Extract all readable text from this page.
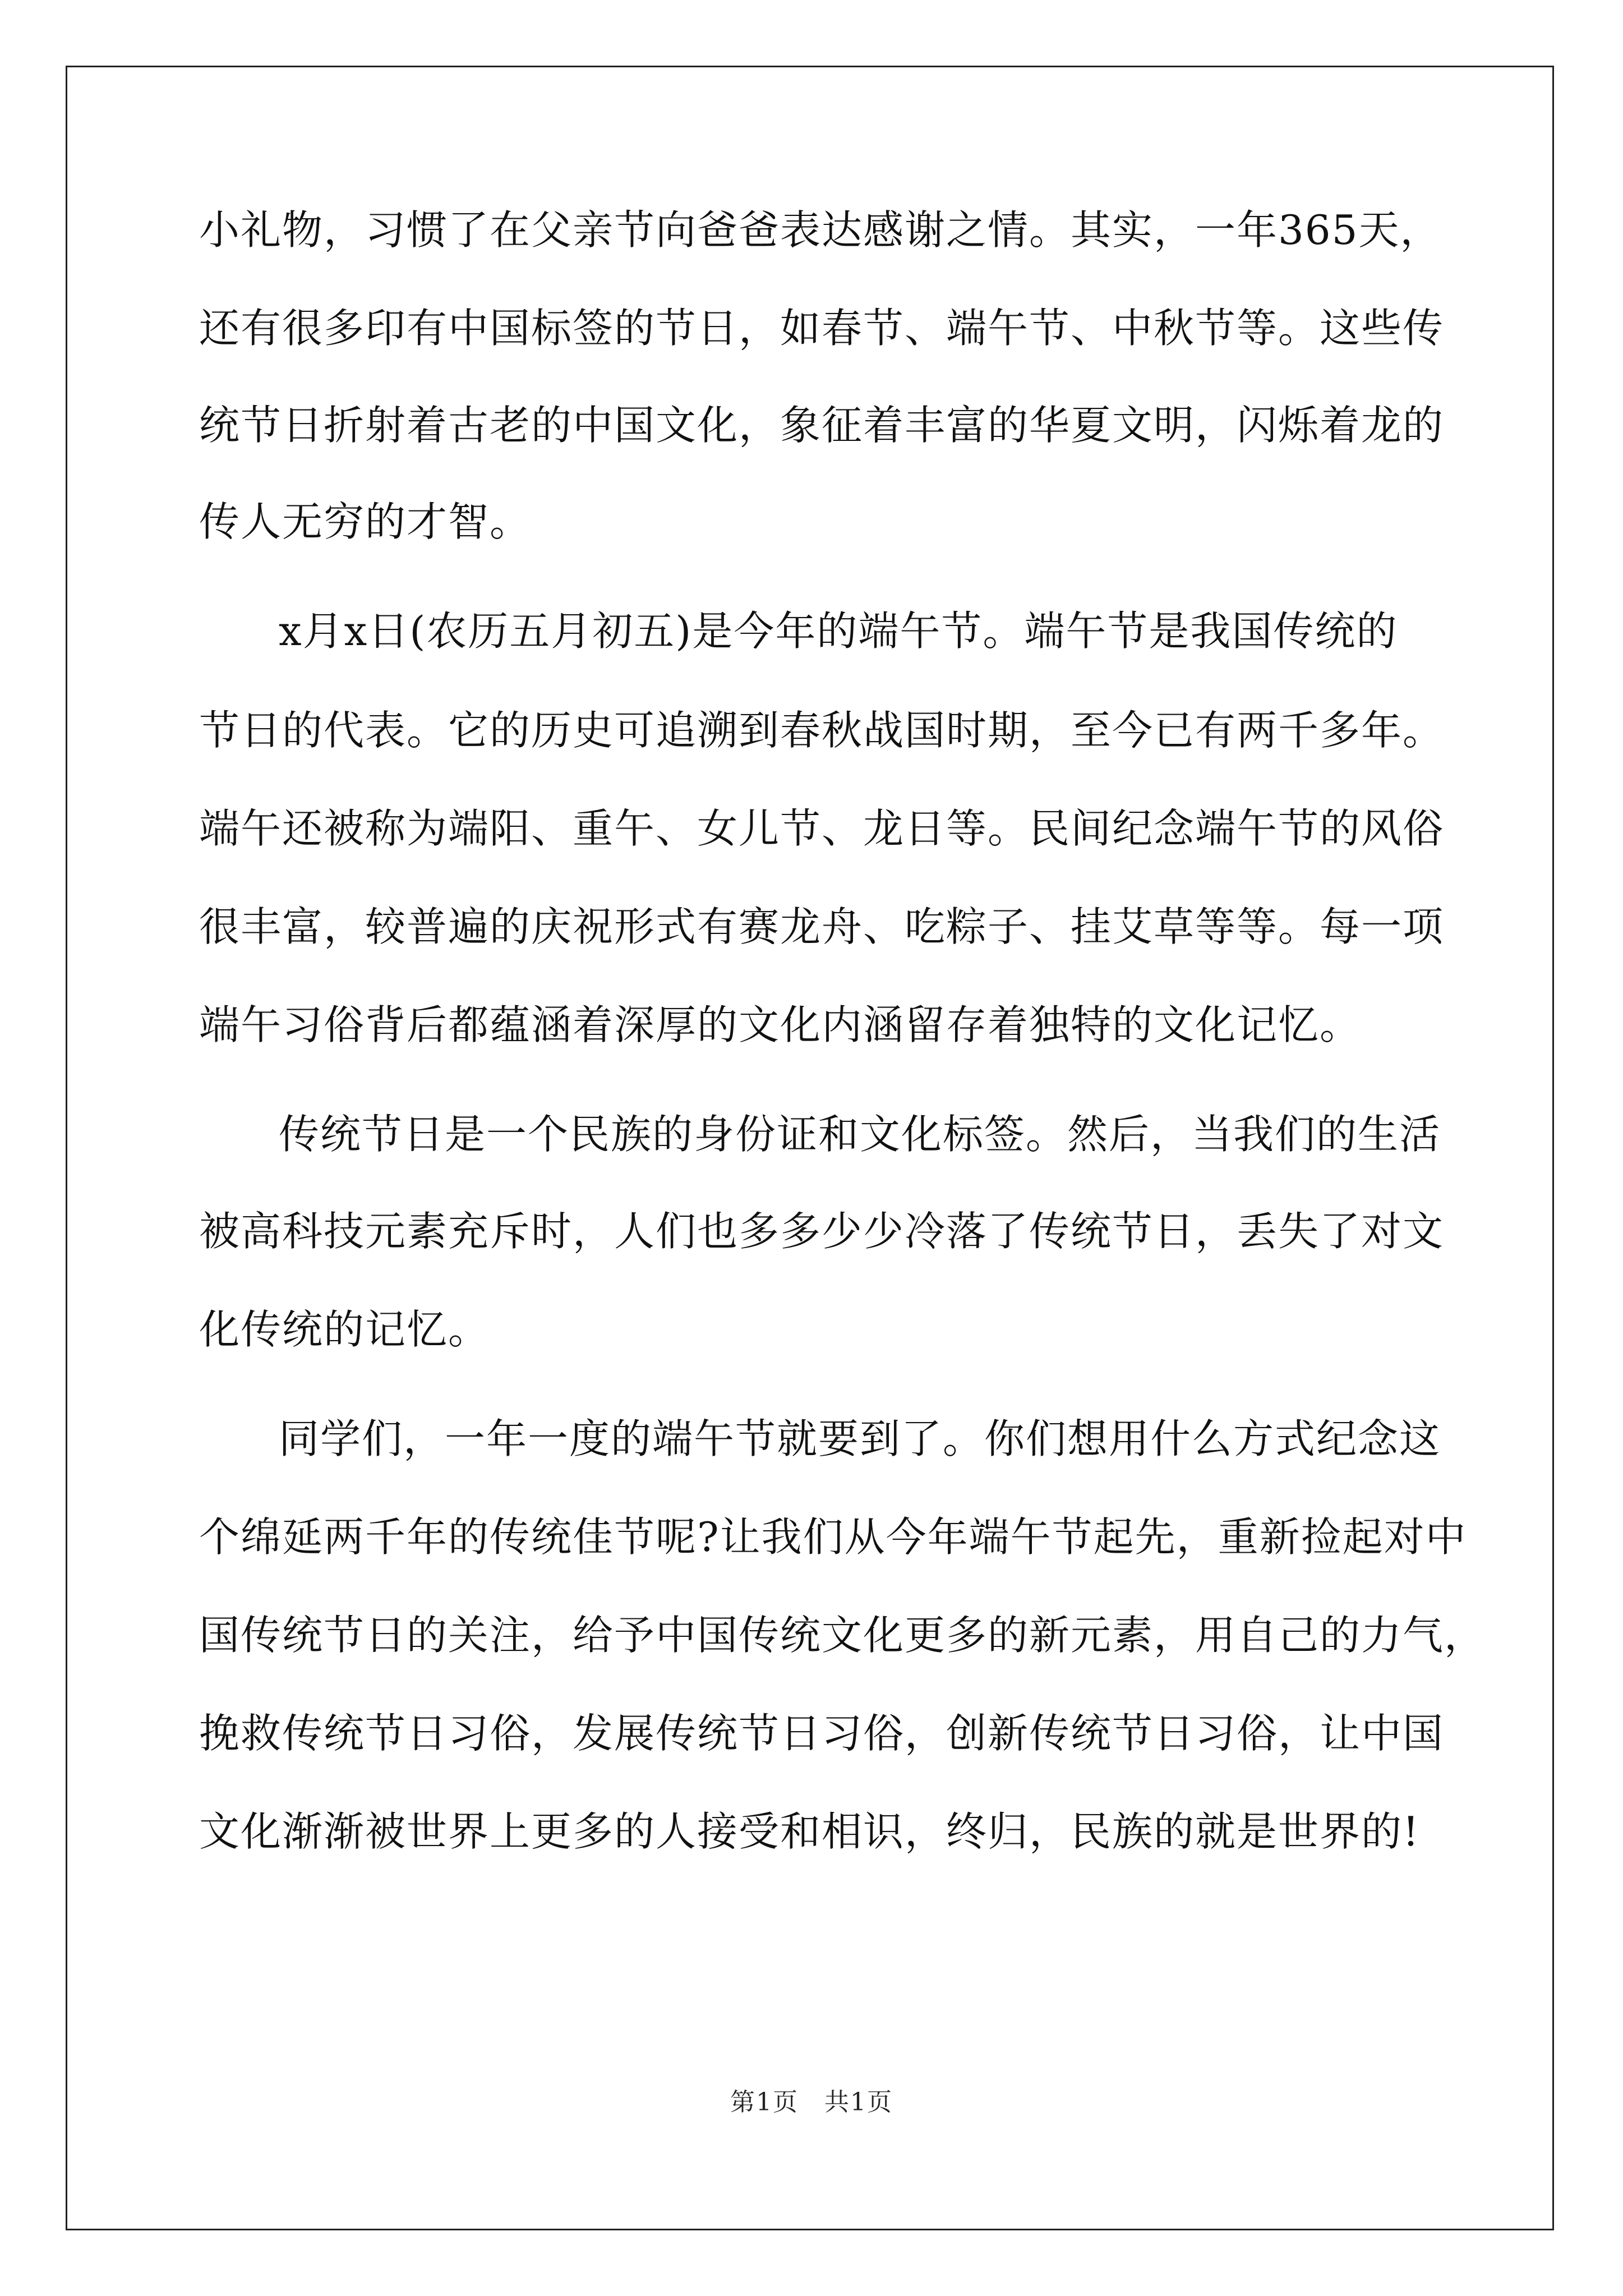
小礼物，习惯了在父亲节向爸爸表达感谢之情。其实，一年365天，
还有很多印有中国标签的节日，如春节、端午节、中秋节等。这些传
统节日折射着古老的中国文化，象征着丰富的华夏文明，闪烁着龙的
传人无穷的才智。
x月x日(农历五月初五)是今年的端午节。端午节是我国传统的
节日的代表。它的历史可追溯到春秋战国时期，至今已有两千多年。
端午还被称为端阳、重午、女儿节、龙日等。民间纪念端午节的风俗
很丰富，较普遍的庆祝形式有赛龙舟、吃粽子、挂艾草等等。每一项
端午习俗背后都蕴涵着深厚的文化内涵留存着独特的文化记忆。
传统节日是一个民族的身份证和文化标签。然后，当我们的生活
被高科技元素充斥时，人们也多多少少冷落了传统节日，丢失了对文
化传统的记忆。
同学们，一年一度的端午节就要到了。你们想用什么方式纪念这
个绵延两千年的传统佳节呢?让我们从今年端午节起先，重新捡起对中
国传统节日的关注，给予中国传统文化更多的新元素，用自己的力气，
挽救传统节日习俗，发展传统节日习俗，创新传统节日习俗，让中国
文化渐渐被世界上更多的人接受和相识，终归，民族的就是世界的!
第1页　共1页
